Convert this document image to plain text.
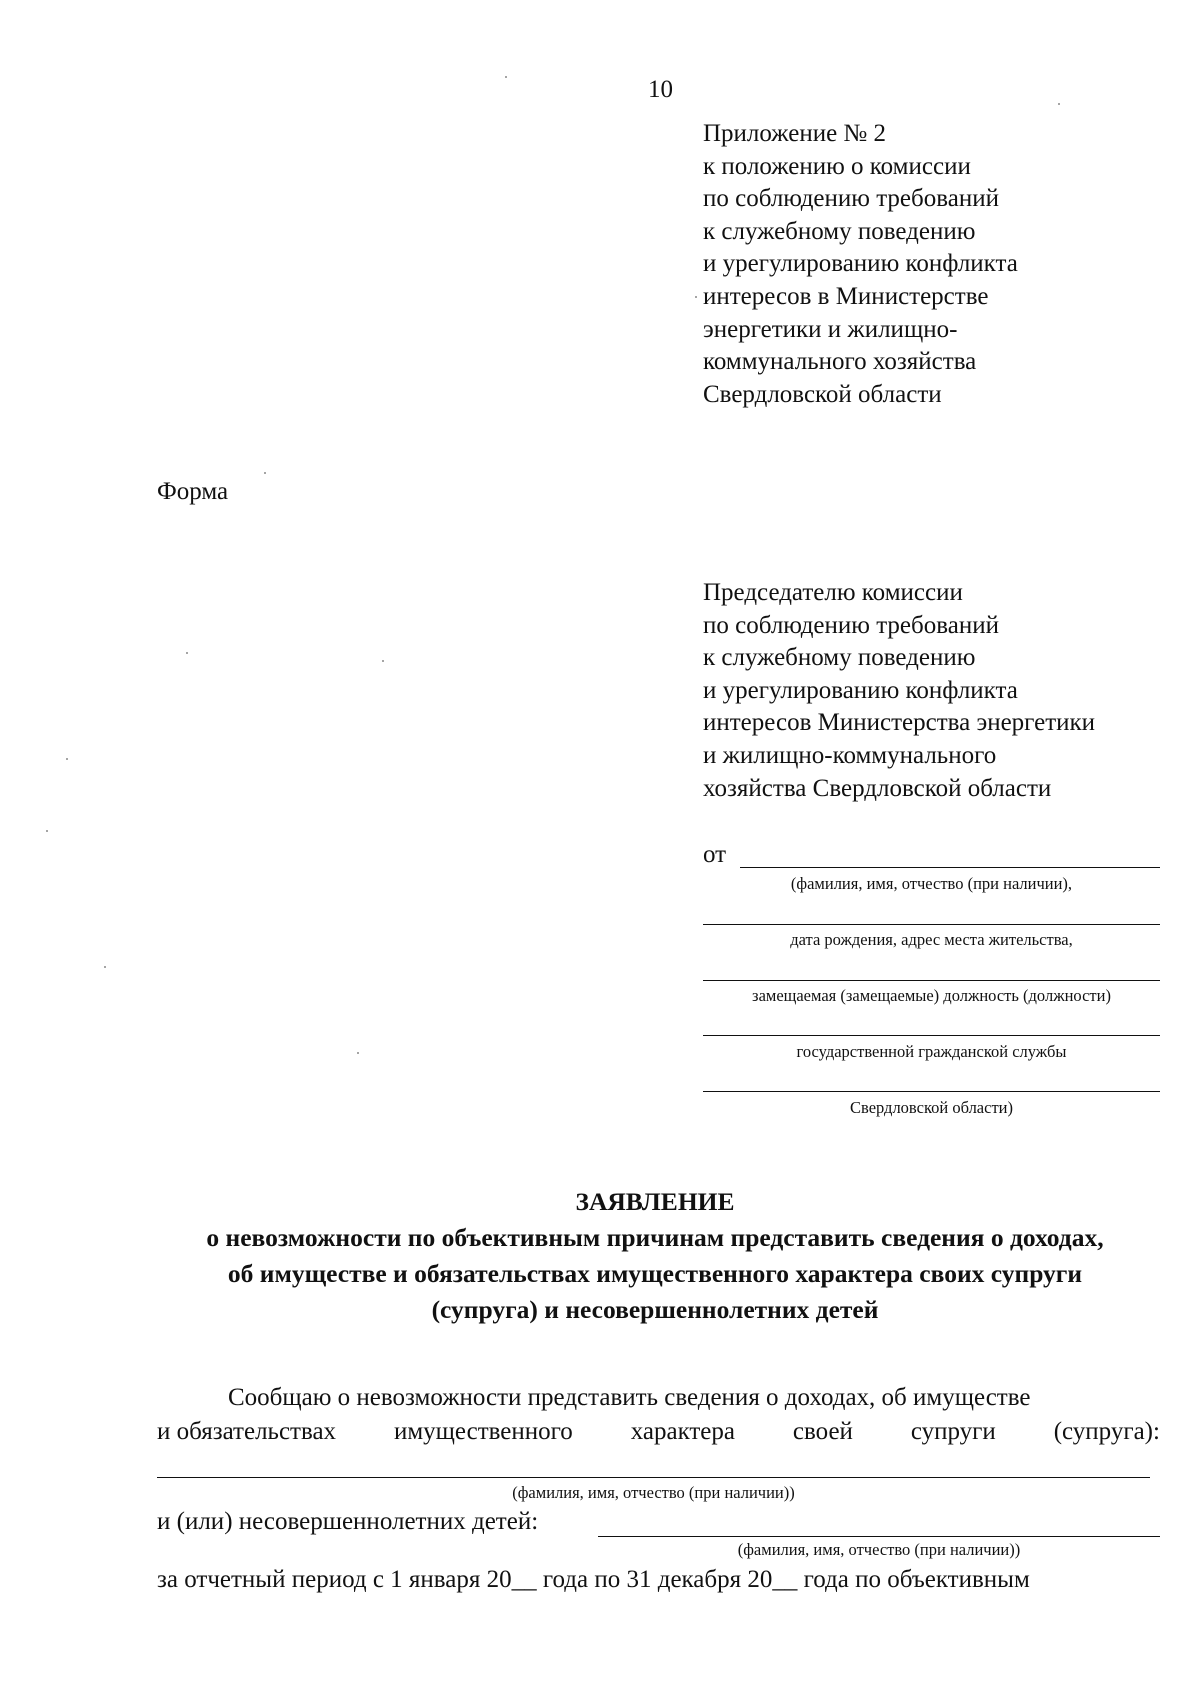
10
Приложение № 2
к положению о комиссии
по соблюдению требований
к служебному поведению
и урегулированию конфликта
интересов в Министерстве
энергетики и жилищно-
коммунального хозяйства
Свердловской области
Форма
Председателю комиссии
по соблюдению требований
к служебному поведению
и урегулированию конфликта
интересов Министерства энергетики
и жилищно-коммунального
хозяйства Свердловской области
от
(фамилия, имя, отчество (при наличии),
дата рождения, адрес места жительства,
замещаемая (замещаемые) должность (должности)
государственной гражданской службы
Свердловской области)
ЗАЯВЛЕНИЕ
о невозможности по объективным причинам представить сведения о доходах,
об имуществе и обязательствах имущественного характера своих супруги
(супруга) и несовершеннолетних детей
Сообщаю о невозможности представить сведения о доходах, об имуществе
и обязательствах имущественного характера своей супруги (супруга):
(фамилия, имя, отчество (при наличии))
и (или) несовершеннолетних детей:
(фамилия, имя, отчество (при наличии))
за отчетный период с 1 января 20__ года по 31 декабря 20__ года по объективным
